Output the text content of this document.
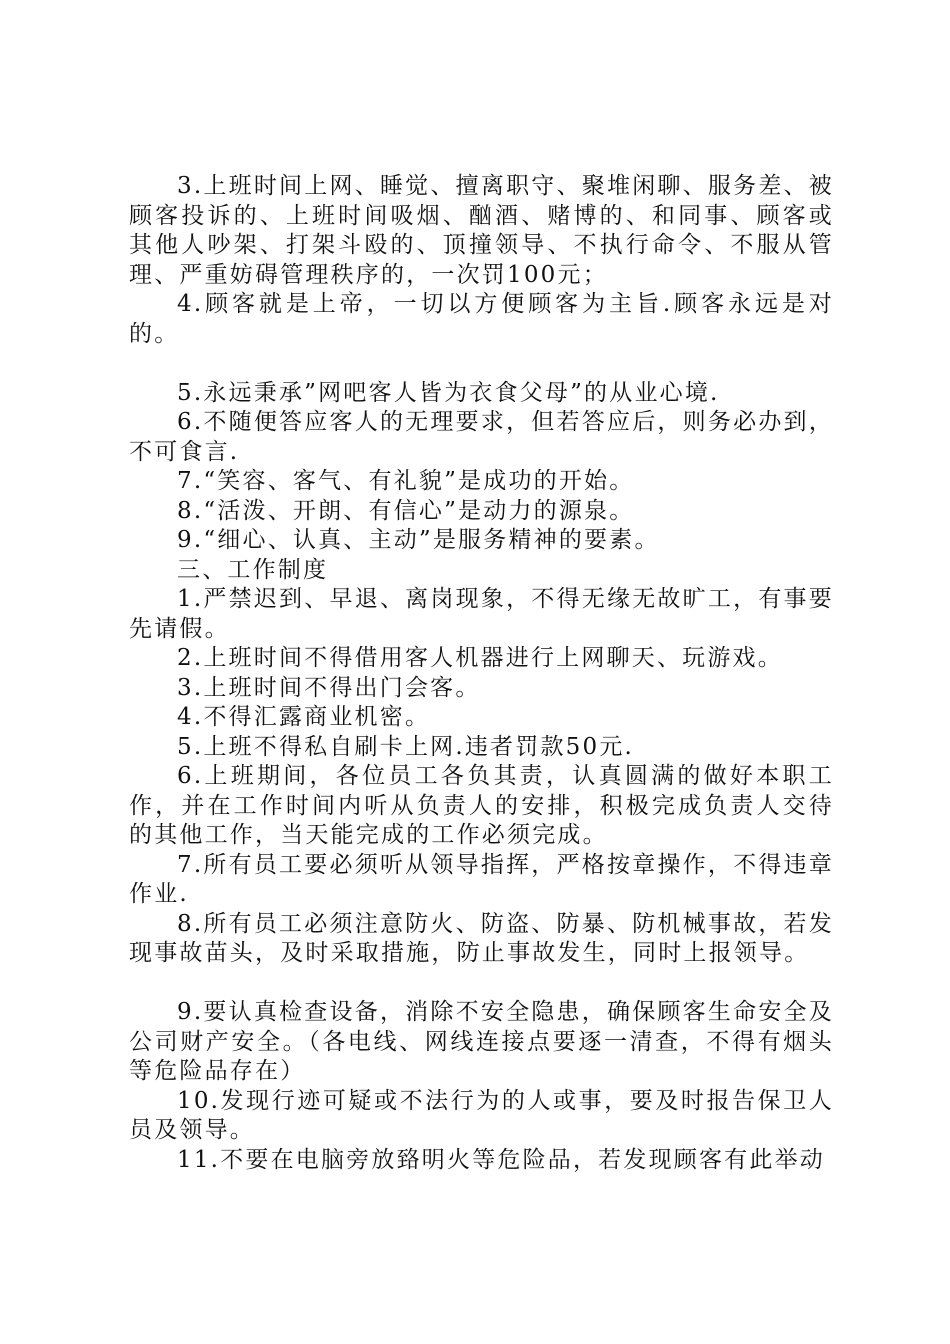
3.上班时间上网、睡觉、擅离职守、聚堆闲聊、服务差、被顾客投诉的、上班时间吸烟、酗酒、赌博的、和同事、顾客或其他人吵架、打架斗殴的、顶撞领导、不执行命令、不服从管理、严重妨碍管理秩序的，一次罚100元；

4.顾客就是上帝，一切以方便顾客为主旨.顾客永远是对的。

5.永远秉承”网吧客人皆为衣食父母”的从业心境.

6.不随便答应客人的无理要求，但若答应后，则务必办到，不可食言.

7.“笑容、客气、有礼貌”是成功的开始。

8.“活泼、开朗、有信心”是动力的源泉。

9.“细心、认真、主动”是服务精神的要素。

三、工作制度

1.严禁迟到、早退、离岗现象，不得无缘无故旷工，有事要先请假。

2.上班时间不得借用客人机器进行上网聊天、玩游戏。

3.上班时间不得出门会客。

4.不得汇露商业机密。

5.上班不得私自刷卡上网.违者罚款50元.

6.上班期间，各位员工各负其责，认真圆满的做好本职工作，并在工作时间内听从负责人的安排，积极完成负责人交待的其他工作，当天能完成的工作必须完成。

7.所有员工要必须听从领导指挥，严格按章操作，不得违章作业.

8.所有员工必须注意防火、防盗、防暴、防机械事故，若发现事故苗头，及时采取措施，防止事故发生，同时上报领导。

9.要认真检查设备，消除不安全隐患，确保顾客生命安全及公司财产安全。（各电线、网线连接点要逐一清查，不得有烟头等危险品存在）

10.发现行迹可疑或不法行为的人或事，要及时报告保卫人员及领导。

11.不要在电脑旁放臵明火等危险品，若发现顾客有此举动
